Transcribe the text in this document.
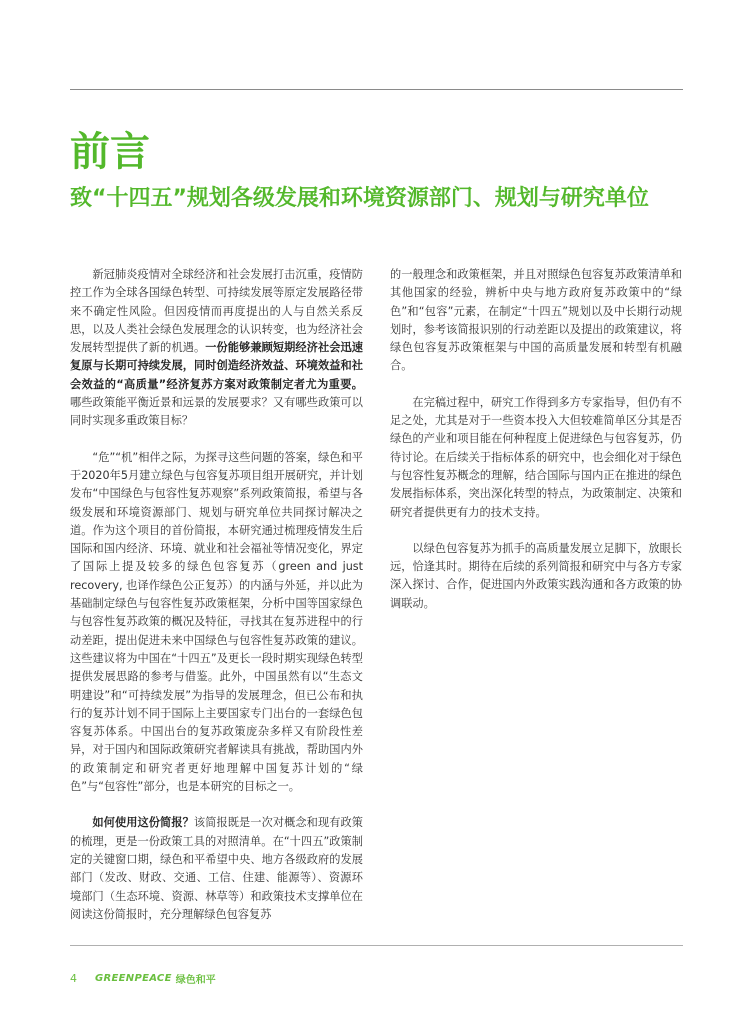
前言
致“十四五”规划各级发展和环境资源部门、规划与研究单位

新冠肺炎疫情对全球经济和社会发展打击沉重，疫情防控工作为全球各国绿色转型、可持续发展等原定发展路径带来不确定性风险。但因疫情而再度提出的人与自然关系反思，以及人类社会绿色发展理念的认识转变，也为经济社会发展转型提供了新的机遇。一份能够兼顾短期经济社会迅速复原与长期可持续发展，同时创造经济效益、环境效益和社会效益的“高质量”经济复苏方案对政策制定者尤为重要。哪些政策能平衡近景和远景的发展要求？又有哪些政策可以同时实现多重政策目标？

“危”“机”相伴之际，为探寻这些问题的答案，绿色和平于2020年5月建立绿色与包容复苏项目组开展研究，并计划发布“中国绿色与包容性复苏观察”系列政策简报，希望与各级发展和环境资源部门、规划与研究单位共同探讨解决之道。作为这个项目的首份简报，本研究通过梳理疫情发生后国际和国内经济、环境、就业和社会福祉等情况变化，界定了国际上提及较多的绿色包容复苏（green and just recovery, 也译作绿色公正复苏）的内涵与外延，并以此为基础制定绿色与包容性复苏政策框架，分析中国等国家绿色与包容性复苏政策的概况及特征，寻找其在复苏进程中的行动差距，提出促进未来中国绿色与包容性复苏政策的建议。这些建议将为中国在“十四五”及更长一段时期实现绿色转型提供发展思路的参考与借鉴。此外，中国虽然有以“生态文明建设”和“可持续发展”为指导的发展理念，但已公布和执行的复苏计划不同于国际上主要国家专门出台的一套绿色包容复苏体系。中国出台的复苏政策庞杂多样又有阶段性差异，对于国内和国际政策研究者解读具有挑战，帮助国内外的政策制定和研究者更好地理解中国复苏计划的“绿色”与“包容性”部分，也是本研究的目标之一。

如何使用这份简报？该简报既是一次对概念和现有政策的梳理，更是一份政策工具的对照清单。在“十四五”政策制定的关键窗口期，绿色和平希望中央、地方各级政府的发展部门（发改、财政、交通、工信、住建、能源等）、资源环境部门（生态环境、资源、林草等）和政策技术支撑单位在阅读这份简报时，充分理解绿色包容复苏

的一般理念和政策框架，并且对照绿色包容复苏政策清单和其他国家的经验，辨析中央与地方政府复苏政策中的“绿色”和“包容”元素，在制定“十四五”规划以及中长期行动规划时，参考该简报识别的行动差距以及提出的政策建议，将绿色包容复苏政策框架与中国的高质量发展和转型有机融合。

在完稿过程中，研究工作得到多方专家指导，但仍有不足之处，尤其是对于一些资本投入大但较难简单区分其是否绿色的产业和项目能在何种程度上促进绿色与包容复苏，仍待讨论。在后续关于指标体系的研究中，也会细化对于绿色与包容性复苏概念的理解，结合国际与国内正在推进的绿色发展指标体系，突出深化转型的特点，为政策制定、决策和研究者提供更有力的技术支持。

以绿色包容复苏为抓手的高质量发展立足脚下，放眼长远，恰逢其时。期待在后续的系列简报和研究中与各方专家深入探讨、合作，促进国内外政策实践沟通和各方政策的协调联动。

4 GREENPEACE 绿色和平
